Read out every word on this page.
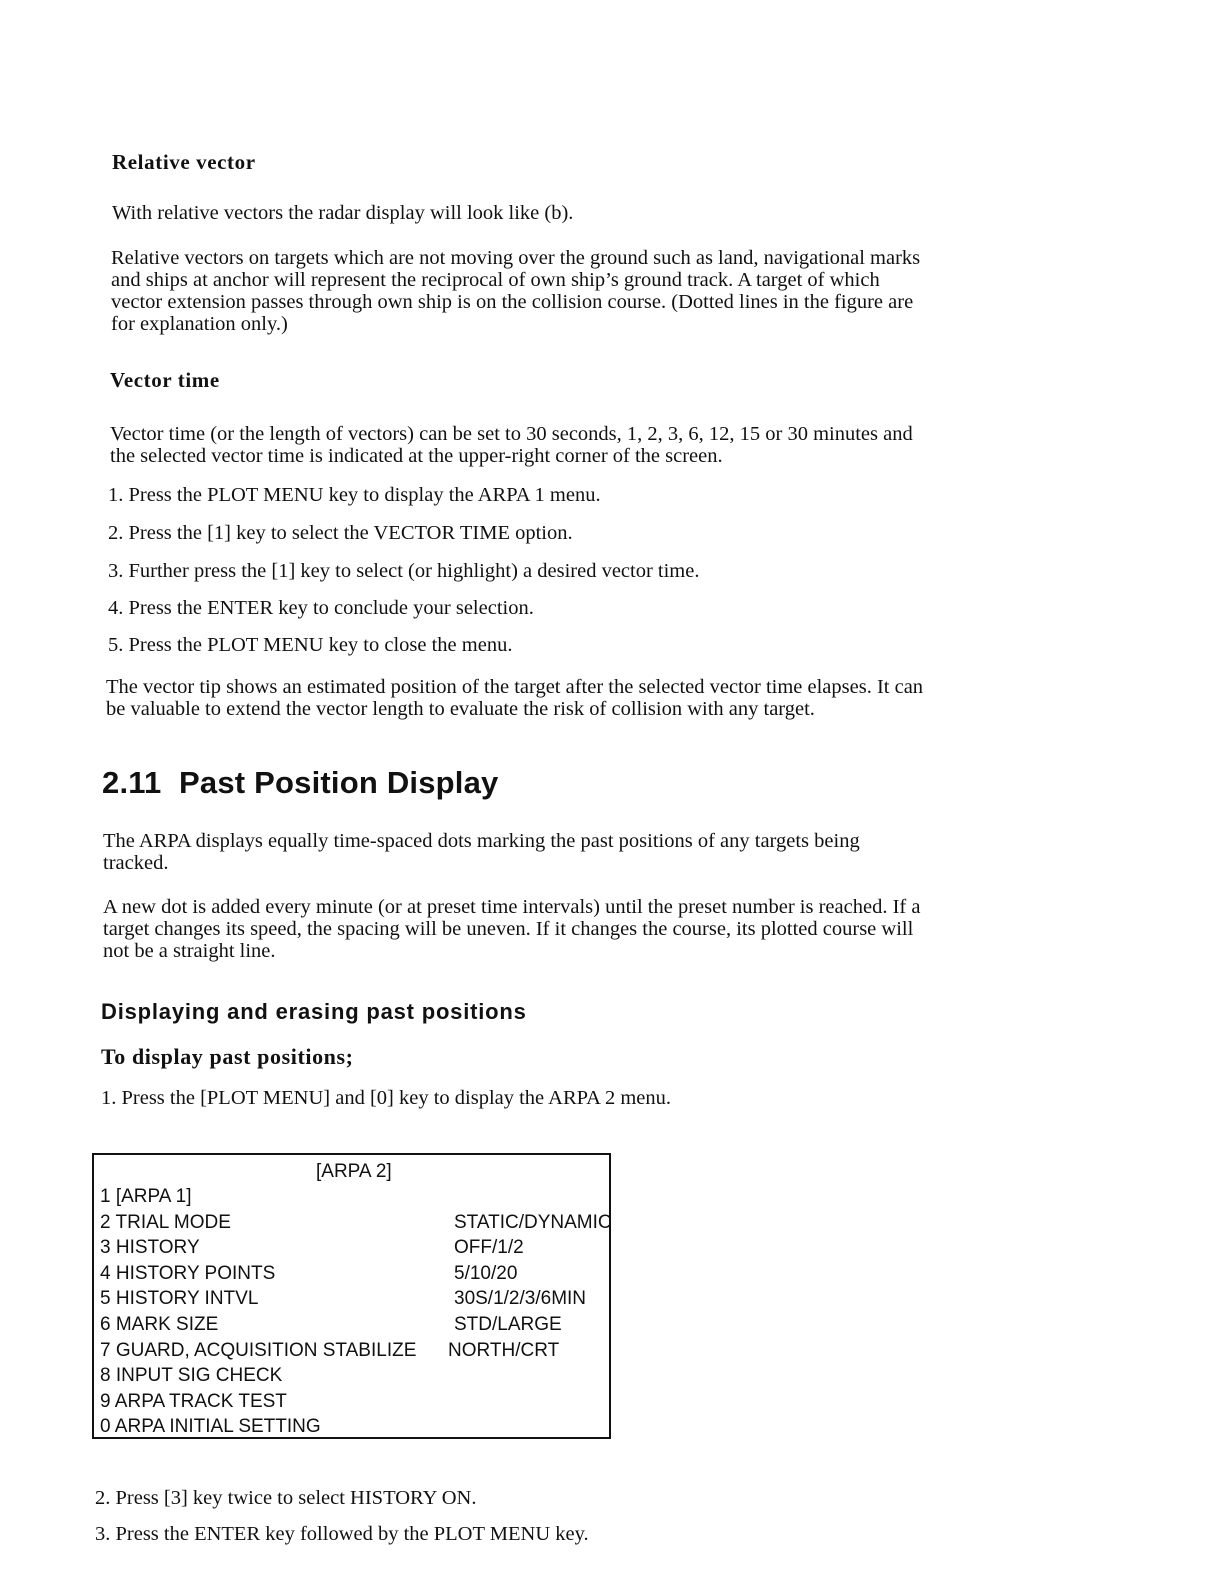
Relative vector

With relative vectors the radar display will look like (b).

Relative vectors on targets which are not moving over the ground such as land, navigational marks
and ships at anchor will represent the reciprocal of own ship’s ground track. A target of which
vector extension passes through own ship is on the collision course. (Dotted lines in the figure are
for explanation only.)
Vector time
Vector time (or the length of vectors) can be set to 30 seconds, 1, 2, 3, 6, 12, 15 or 30 minutes and
the selected vector time is indicated at the upper-right corner of the screen.
1. Press the PLOT MENU key to display the ARPA 1 menu.
2. Press the [1] key to select the VECTOR TIME option.
3. Further press the [1] key to select (or highlight) a desired vector time.
4. Press the ENTER key to conclude your selection.
5. Press the PLOT MENU key to close the menu.
The vector tip shows an estimated position of the target after the selected vector time elapses. It can
be valuable to extend the vector length to evaluate the risk of collision with any target.
2.11  Past Position Display
The ARPA displays equally time-spaced dots marking the past positions of any targets being
tracked.
A new dot is added every minute (or at preset time intervals) until the preset number is reached. If a
target changes its speed, the spacing will be uneven. If it changes the course, its plotted course will
not be a straight line.
Displaying and erasing past positions
To display past positions;
1. Press the [PLOT MENU] and [0] key to display the ARPA 2 menu.
[ARPA 2]
1 [ARPA 1]
2 TRIAL MODE	STATIC/DYNAMIC
3 HISTORY	OFF/1/2
4 HISTORY POINTS	5/10/20
5 HISTORY INTVL	30S/1/2/3/6MIN
6 MARK SIZE	STD/LARGE
7 GUARD, ACQUISITION STABILIZE NORTH/CRT
8 INPUT SIG CHECK
9 ARPA TRACK TEST
0 ARPA INITIAL SETTING
2. Press [3] key twice to select HISTORY ON.
3. Press the ENTER key followed by the PLOT MENU key.
